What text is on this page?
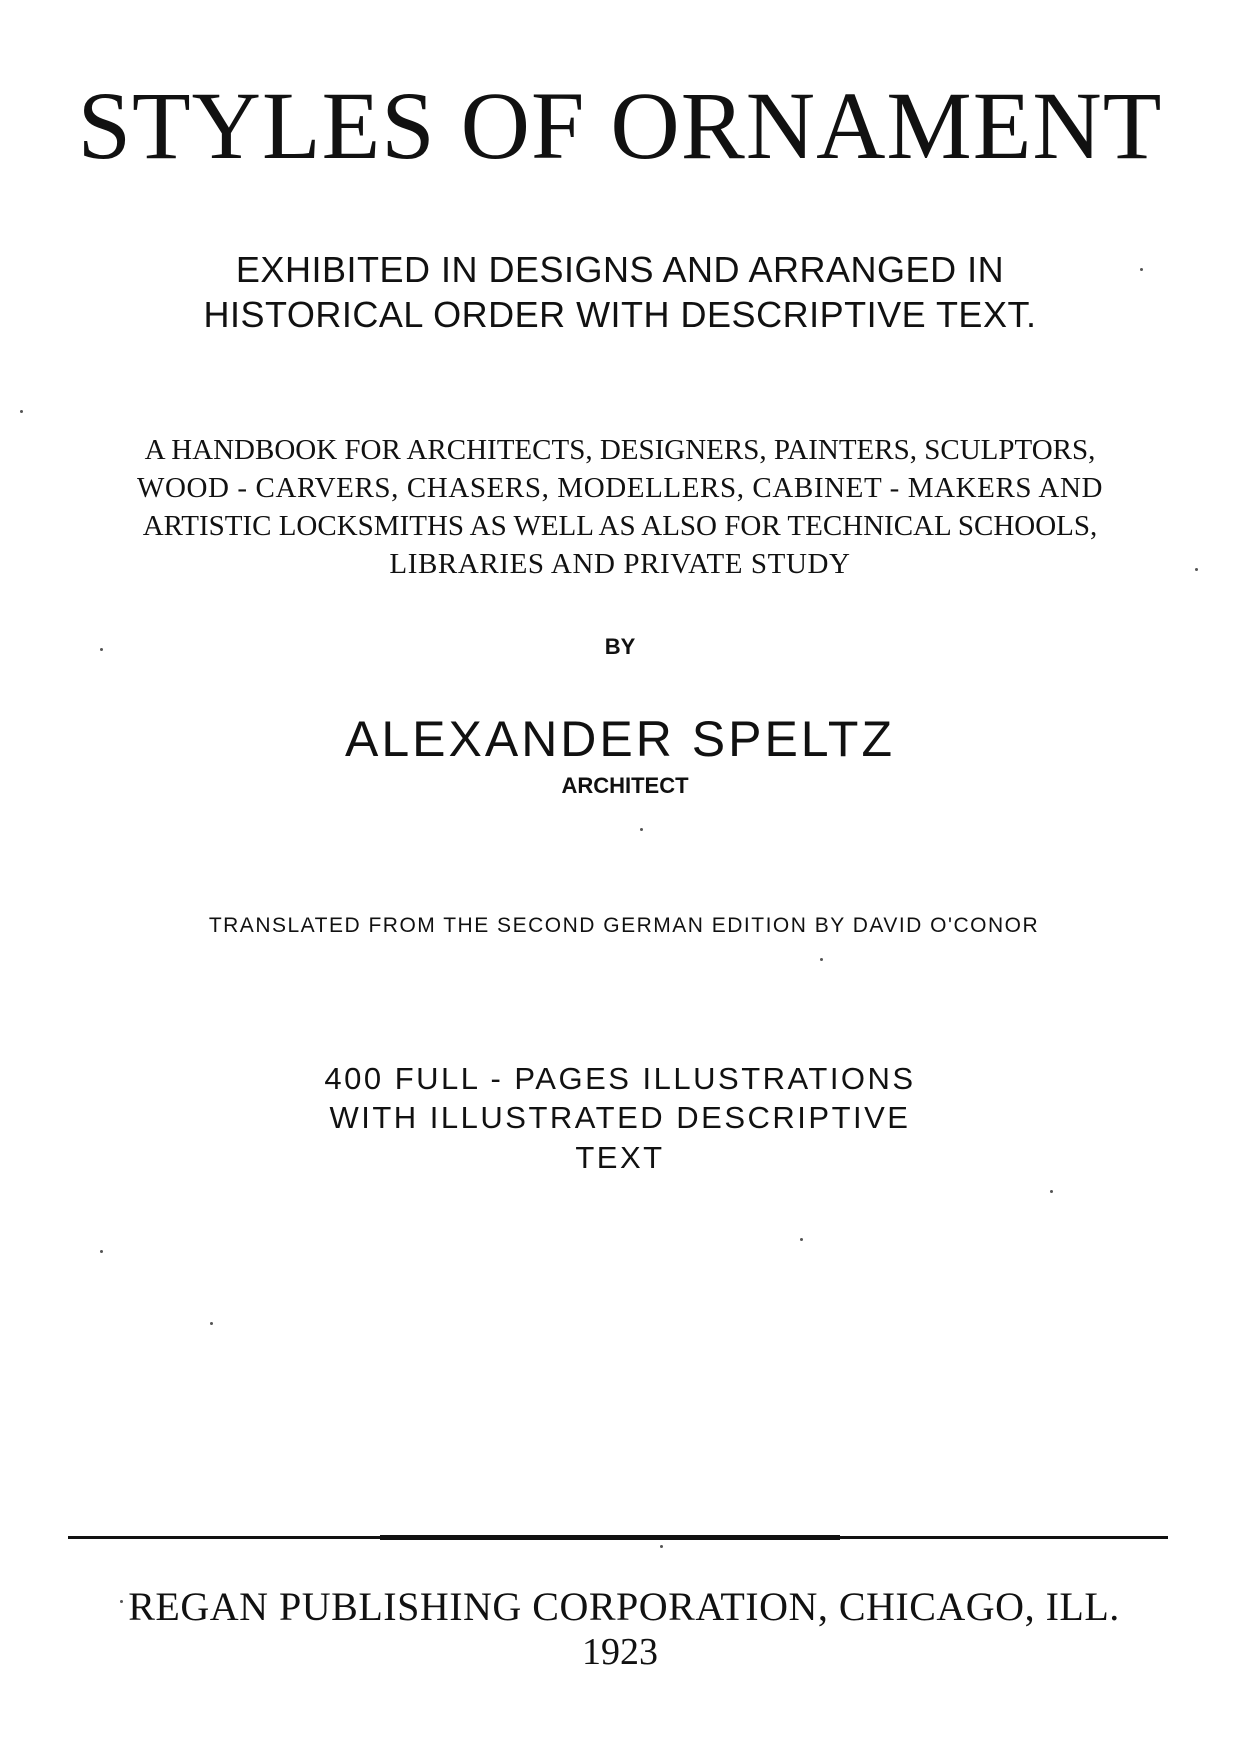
STYLES OF ORNAMENT
EXHIBITED IN DESIGNS AND ARRANGED IN
HISTORICAL ORDER WITH DESCRIPTIVE TEXT.
A HANDBOOK FOR ARCHITECTS, DESIGNERS, PAINTERS, SCULPTORS,
WOOD - CARVERS, CHASERS, MODELLERS, CABINET - MAKERS AND
ARTISTIC LOCKSMITHS AS WELL AS ALSO FOR TECHNICAL SCHOOLS,
LIBRARIES AND PRIVATE STUDY
BY
ALEXANDER SPELTZ
ARCHITECT
TRANSLATED FROM THE SECOND GERMAN EDITION BY DAVID O'CONOR
400 FULL - PAGES ILLUSTRATIONS
WITH ILLUSTRATED DESCRIPTIVE
TEXT
REGAN PUBLISHING CORPORATION, CHICAGO, ILL.
1923
